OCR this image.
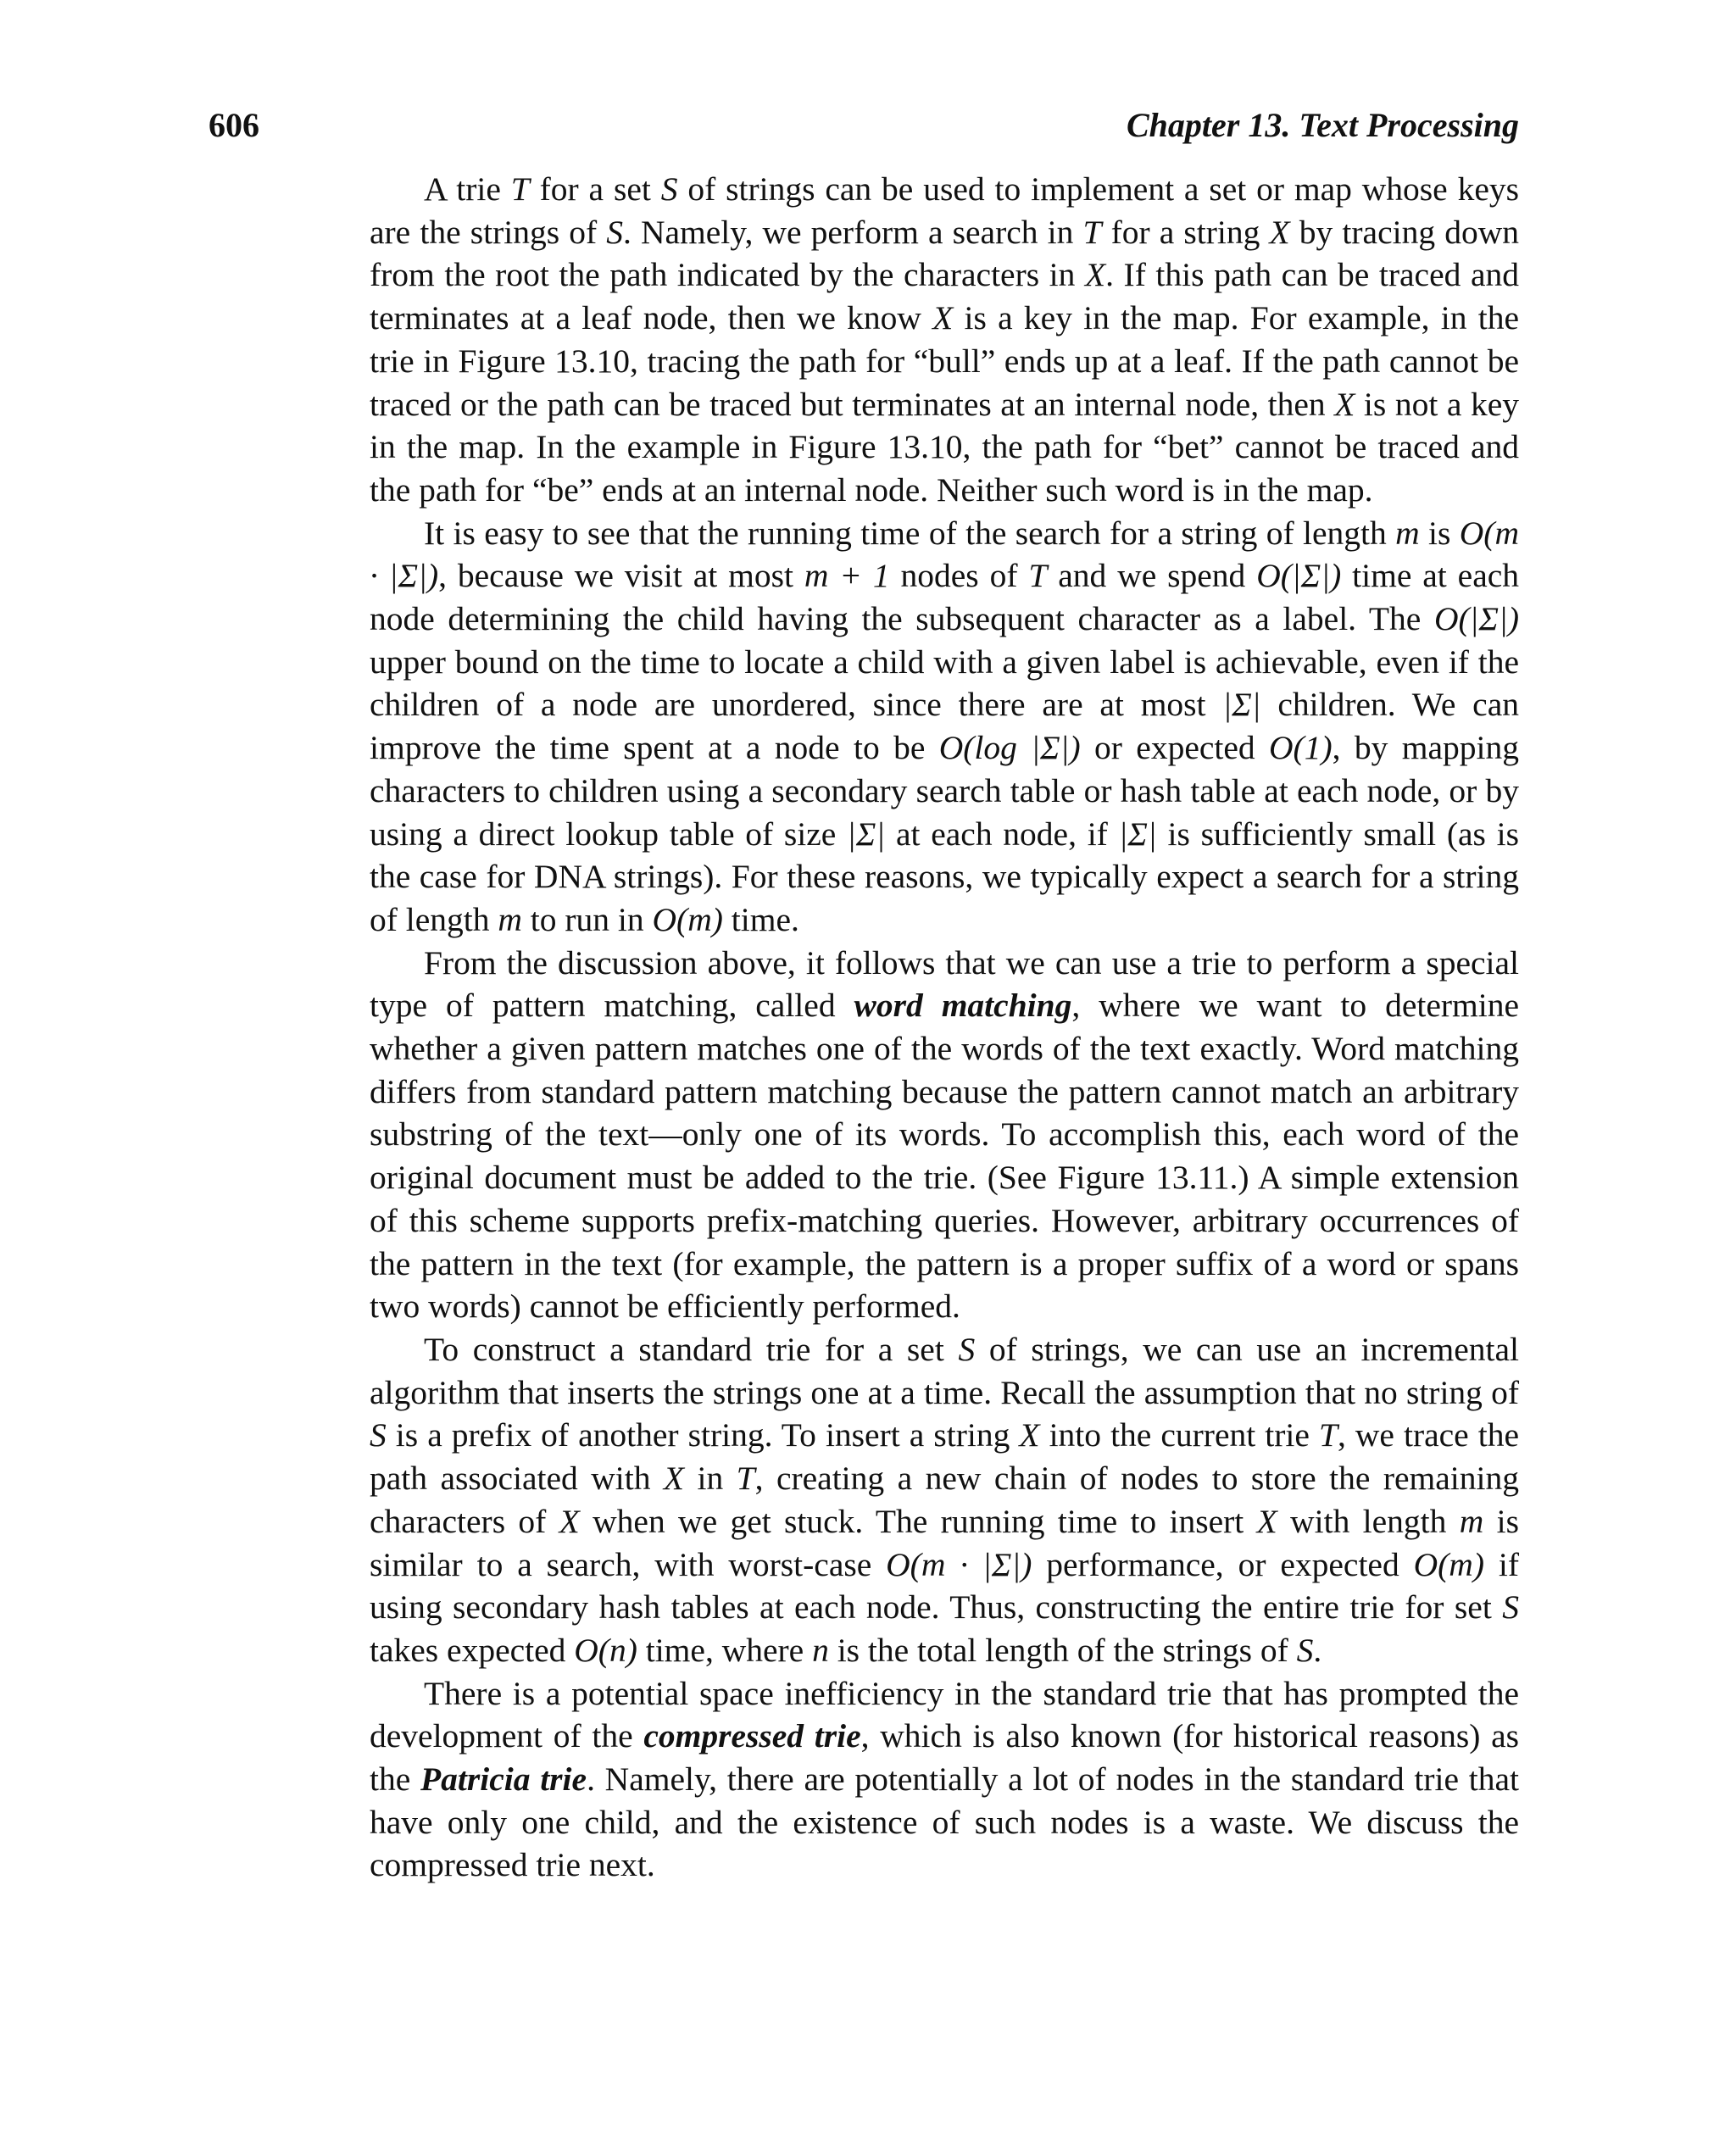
606	Chapter 13. Text Processing

A trie T for a set S of strings can be used to implement a set or map whose keys are the strings of S. Namely, we perform a search in T for a string X by tracing down from the root the path indicated by the characters in X. If this path can be traced and terminates at a leaf node, then we know X is a key in the map. For example, in the trie in Figure 13.10, tracing the path for “bull” ends up at a leaf. If the path cannot be traced or the path can be traced but terminates at an internal node, then X is not a key in the map. In the example in Figure 13.10, the path for “bet” cannot be traced and the path for “be” ends at an internal node. Neither such word is in the map.

It is easy to see that the running time of the search for a string of length m is O(m · |Σ|), because we visit at most m + 1 nodes of T and we spend O(|Σ|) time at each node determining the child having the subsequent character as a label. The O(|Σ|) upper bound on the time to locate a child with a given label is achievable, even if the children of a node are unordered, since there are at most |Σ| children. We can improve the time spent at a node to be O(log |Σ|) or expected O(1), by mapping characters to children using a secondary search table or hash table at each node, or by using a direct lookup table of size |Σ| at each node, if |Σ| is sufficiently small (as is the case for DNA strings). For these reasons, we typically expect a search for a string of length m to run in O(m) time.

From the discussion above, it follows that we can use a trie to perform a special type of pattern matching, called word matching, where we want to determine whether a given pattern matches one of the words of the text exactly. Word matching differs from standard pattern matching because the pattern cannot match an arbitrary substring of the text—only one of its words. To accomplish this, each word of the original document must be added to the trie. (See Figure 13.11.) A simple extension of this scheme supports prefix-matching queries. However, arbitrary occurrences of the pattern in the text (for example, the pattern is a proper suffix of a word or spans two words) cannot be efficiently performed.

To construct a standard trie for a set S of strings, we can use an incremental algorithm that inserts the strings one at a time. Recall the assumption that no string of S is a prefix of another string. To insert a string X into the current trie T, we trace the path associated with X in T, creating a new chain of nodes to store the remaining characters of X when we get stuck. The running time to insert X with length m is similar to a search, with worst-case O(m · |Σ|) performance, or expected O(m) if using secondary hash tables at each node. Thus, constructing the entire trie for set S takes expected O(n) time, where n is the total length of the strings of S.

There is a potential space inefficiency in the standard trie that has prompted the development of the compressed trie, which is also known (for historical reasons) as the Patricia trie. Namely, there are potentially a lot of nodes in the standard trie that have only one child, and the existence of such nodes is a waste. We discuss the compressed trie next.
